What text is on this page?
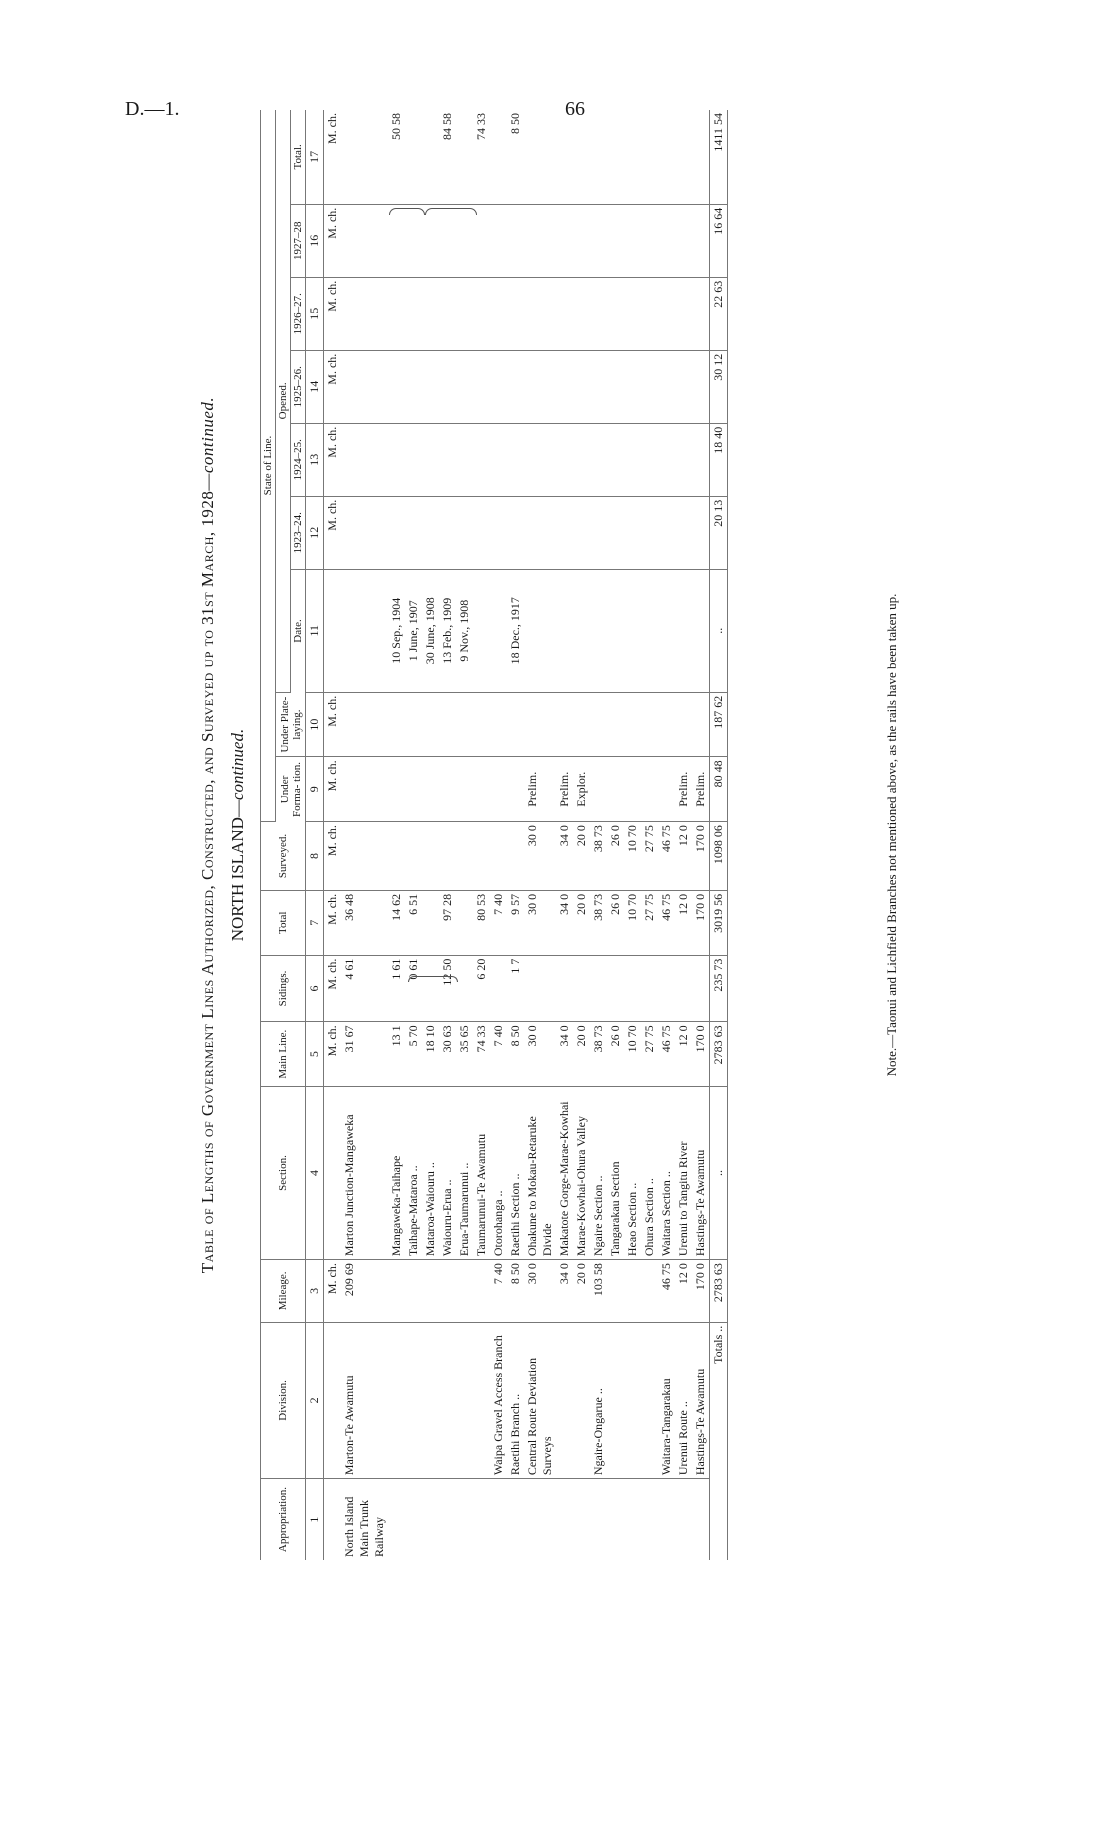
D.—1.	66
Table of Lengths of Government Lines Authorized, Constructed, and Surveyed up to 31st March, 1928—continued.
NORTH ISLAND—continued.
Appropriation.	Division.	Mileage.	Section.	Main Line.	Sidings.	Total	Surveyed.	State of Line.								
								Under Forma- tion.	Under Plate- laying.	Opened.						
										Date.	1923–24.	1924–25.	1925–26.	1926–27.	1927–28	Total.
1	2	3	4	5	6	7	8	9	10	11	12	13	14	15	16	17
		M. ch.		M. ch.	M. ch.	M. ch.	M. ch.	M. ch.	M. ch.		M. ch.	M. ch.	M. ch.	M. ch.	M. ch.	M. ch.
North Island Main Trunk Railway	Marton-Te Awamutu	209 69	Marton Junction-Mangaweka	31 67	4 61	36 48										
			Mangaweka-Taihape	13 1	1 61	14 62				10 Sep., 1904						50 58
			Taihape-Mataroa ..	5 70	0 61	6 51				1 June, 1907						
			Mataroa-Waiouru ..	18 10						30 June, 1908						
			Waiouru-Erua ..	30 63	12 50	97 28				13 Feb., 1909						84 58
			Erua-Taumarunui ..	35 65						9 Nov., 1908						
			Taumarunui-Te Awamutu	74 33	6 20	80 53										74 33
	Waipa Gravel Access Branch	7 40	Otorohanga ..	7 40		7 40										
	Raetihi Branch ..	8 50	Raetihi Section ..	8 50	1 7	9 57				18 Dec., 1917						8 50
	Central Route Deviation Surveys	30 0	Ohakune to Mokau-Retaruke Divide	30 0		30 0	30 0	Prelim.								
		34 0	Makatote Gorge-Marae-Kowhai	34 0		34 0	34 0	Prelim.								
		20 0	Marae-Kowhai-Ohura Valley	20 0		20 0	20 0	Explor.								
	Ngaire-Ongarue ..	103 58	Ngaire Section ..	38 73		38 73	38 73									
			Tangarakau Section	26 0		26 0	26 0									
			Heao Section ..	10 70		10 70	10 70									
			Ohura Section ..	27 75		27 75	27 75									
	Waitara-Tangarakau	46 75	Waitara Section ..	46 75		46 75	46 75									
	Urenui Route ..	12 0	Urenui to Tangitu River	12 0		12 0	12 0	Prelim.								
	Hastings-Te Awamutu	170 0	Hastings-Te Awamutu	170 0		170 0	170 0	Prelim.								
Totals ..		2783 63	..	2783 63	235 73	3019 56	1098 06	80 48	187 62	..	20 13	18 40	30 12	22 63	16 64	1411 54
Note.—Taonui and Lichfield Branches not mentioned above, as the rails have been taken up.
